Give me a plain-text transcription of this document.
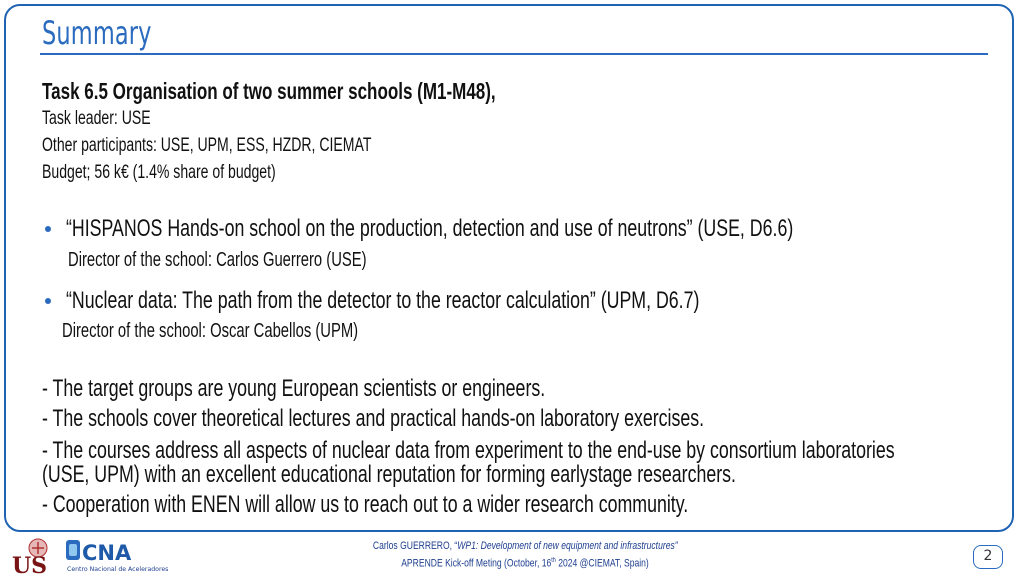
Summary
Task 6.5 Organisation of two summer schools (M1-M48),
Task leader: USE
Other participants: USE, UPM, ESS, HZDR, CIEMAT
Budget; 56 k€ (1.4% share of budget)
“HISPANOS Hands-on school on the production, detection and use of neutrons” (USE, D6.6)
Director of the school: Carlos Guerrero (USE)
“Nuclear data: The path from the detector to the reactor calculation” (UPM, D6.7)
Director of the school: Oscar Cabellos (UPM)
- The target groups are young European scientists or engineers.
- The schools cover theoretical lectures and practical hands-on laboratory exercises.
- The courses address all aspects of nuclear data from experiment to the end-use by consortium laboratories
(USE, UPM) with an excellent educational reputation for forming earlystage researchers.
- Cooperation with ENEN will allow us to reach out to a wider research community.
US CNA
Centro Nacional de Aceleradores
Carlos GUERRERO, “WP1: Development of new equipment and infrastructures”
APRENDE Kick-off Meting (October, 16th 2024 @CIEMAT, Spain)	2
